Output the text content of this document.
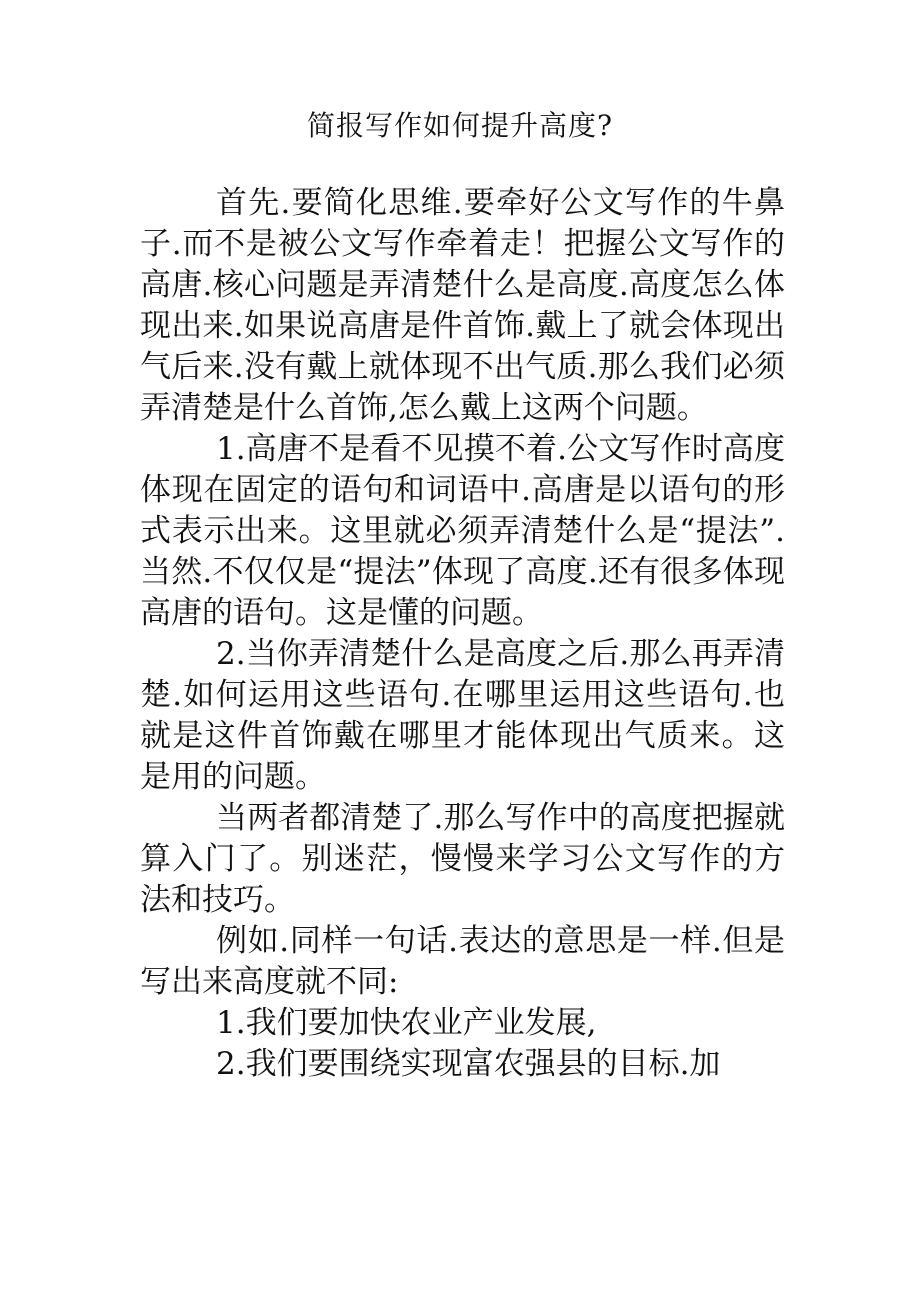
简报写作如何提升高度?

首先.要简化思维.要牵好公文写作的牛鼻子.而不是被公文写作牵着走！把握公文写作的高唐.核心问题是弄清楚什么是高度.高度怎么体现出来.如果说高唐是件首饰.戴上了就会体现出气后来.没有戴上就体现不出气质.那么我们必须弄清楚是什么首饰,怎么戴上这两个问题。

1.高唐不是看不见摸不着.公文写作时高度体现在固定的语句和词语中.高唐是以语句的形式表示出来。这里就必须弄清楚什么是“提法”.当然.不仅仅是“提法”体现了高度.还有很多体现高唐的语句。这是懂的问题。

2.当你弄清楚什么是高度之后.那么再弄清楚.如何运用这些语句.在哪里运用这些语句.也就是这件首饰戴在哪里才能体现出气质来。这是用的问题。

当两者都清楚了.那么写作中的高度把握就算入门了。别迷茫，慢慢来学习公文写作的方法和技巧。

例如.同样一句话.表达的意思是一样.但是写出来高度就不同:

1.我们要加快农业产业发展,

2.我们要围绕实现富农强县的目标.加
